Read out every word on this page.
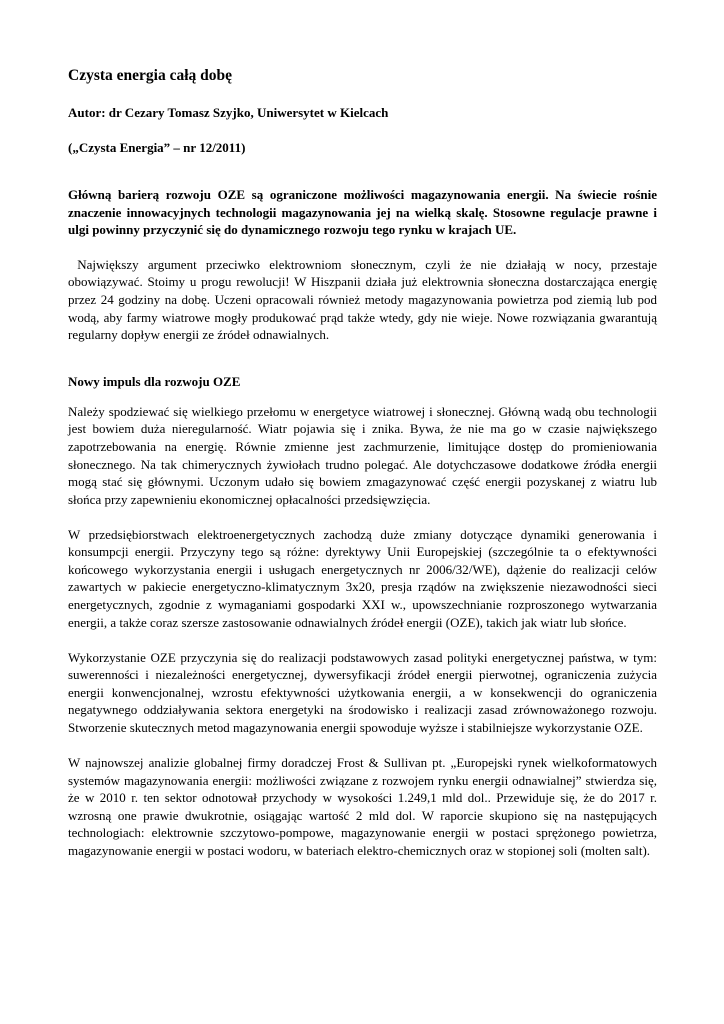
Czysta energia całą dobę

Autor: dr Cezary Tomasz Szyjko, Uniwersytet w Kielcach

(„Czysta Energia” – nr 12/2011)

Główną barierą rozwoju OZE są ograniczone możliwości magazynowania energii. Na świecie rośnie znaczenie innowacyjnych technologii magazynowania jej na wielką skalę. Stosowne regulacje prawne i ulgi powinny przyczynić się do dynamicznego rozwoju tego rynku w krajach UE.

Największy argument przeciwko elektrowniom słonecznym, czyli że nie działają w nocy, przestaje obowiązywać. Stoimy u progu rewolucji! W Hiszpanii działa już elektrownia słoneczna dostarczająca energię przez 24 godziny na dobę. Uczeni opracowali również metody magazynowania powietrza pod ziemią lub pod wodą, aby farmy wiatrowe mogły produkować prąd także wtedy, gdy nie wieje. Nowe rozwiązania gwarantują regularny dopływ energii ze źródeł odnawialnych.

Nowy impuls dla rozwoju OZE

Należy spodziewać się wielkiego przełomu w energetyce wiatrowej i słonecznej. Główną wadą obu technologii jest bowiem duża nieregularność. Wiatr pojawia się i znika. Bywa, że nie ma go w czasie największego zapotrzebowania na energię. Równie zmienne jest zachmurzenie, limitujące dostęp do promieniowania słonecznego. Na tak chimerycznych żywiołach trudno polegać. Ale dotychczasowe dodatkowe źródła energii mogą stać się głównymi. Uczonym udało się bowiem zmagazynować część energii pozyskanej z wiatru lub słońca przy zapewnieniu ekonomicznej opłacalności przedsięwzięcia.

W przedsiębiorstwach elektroenergetycznych zachodzą duże zmiany dotyczące dynamiki generowania i konsumpcji energii. Przyczyny tego są różne: dyrektywy Unii Europejskiej (szczególnie ta o efektywności końcowego wykorzystania energii i usługach energetycznych nr 2006/32/WE), dążenie do realizacji celów zawartych w pakiecie energetyczno-klimatycznym 3x20, presja rządów na zwiększenie niezawodności sieci energetycznych, zgodnie z wymaganiami gospodarki XXI w., upowszechnianie rozproszonego wytwarzania energii, a także coraz szersze zastosowanie odnawialnych źródeł energii (OZE), takich jak wiatr lub słońce.

Wykorzystanie OZE przyczynia się do realizacji podstawowych zasad polityki energetycznej państwa, w tym: suwerenności i niezależności energetycznej, dywersyfikacji źródeł energii pierwotnej, ograniczenia zużycia energii konwencjonalnej, wzrostu efektywności użytkowania energii, a w konsekwencji do ograniczenia negatywnego oddziaływania sektora energetyki na środowisko i realizacji zasad zrównoważonego rozwoju. Stworzenie skutecznych metod magazynowania energii spowoduje wyższe i stabilniejsze wykorzystanie OZE.

W najnowszej analizie globalnej firmy doradczej Frost & Sullivan pt. „Europejski rynek wielkoformatowych systemów magazynowania energii: możliwości związane z rozwojem rynku energii odnawialnej” stwierdza się, że w 2010 r. ten sektor odnotował przychody w wysokości 1.249,1 mld dol.. Przewiduje się, że do 2017 r. wzrosną one prawie dwukrotnie, osiągając wartość 2 mld dol. W raporcie skupiono się na następujących technologiach: elektrownie szczytowo-pompowe, magazynowanie energii w postaci sprężonego powietrza, magazynowanie energii w postaci wodoru, w bateriach elektro-chemicznych oraz w stopionej soli (molten salt).
